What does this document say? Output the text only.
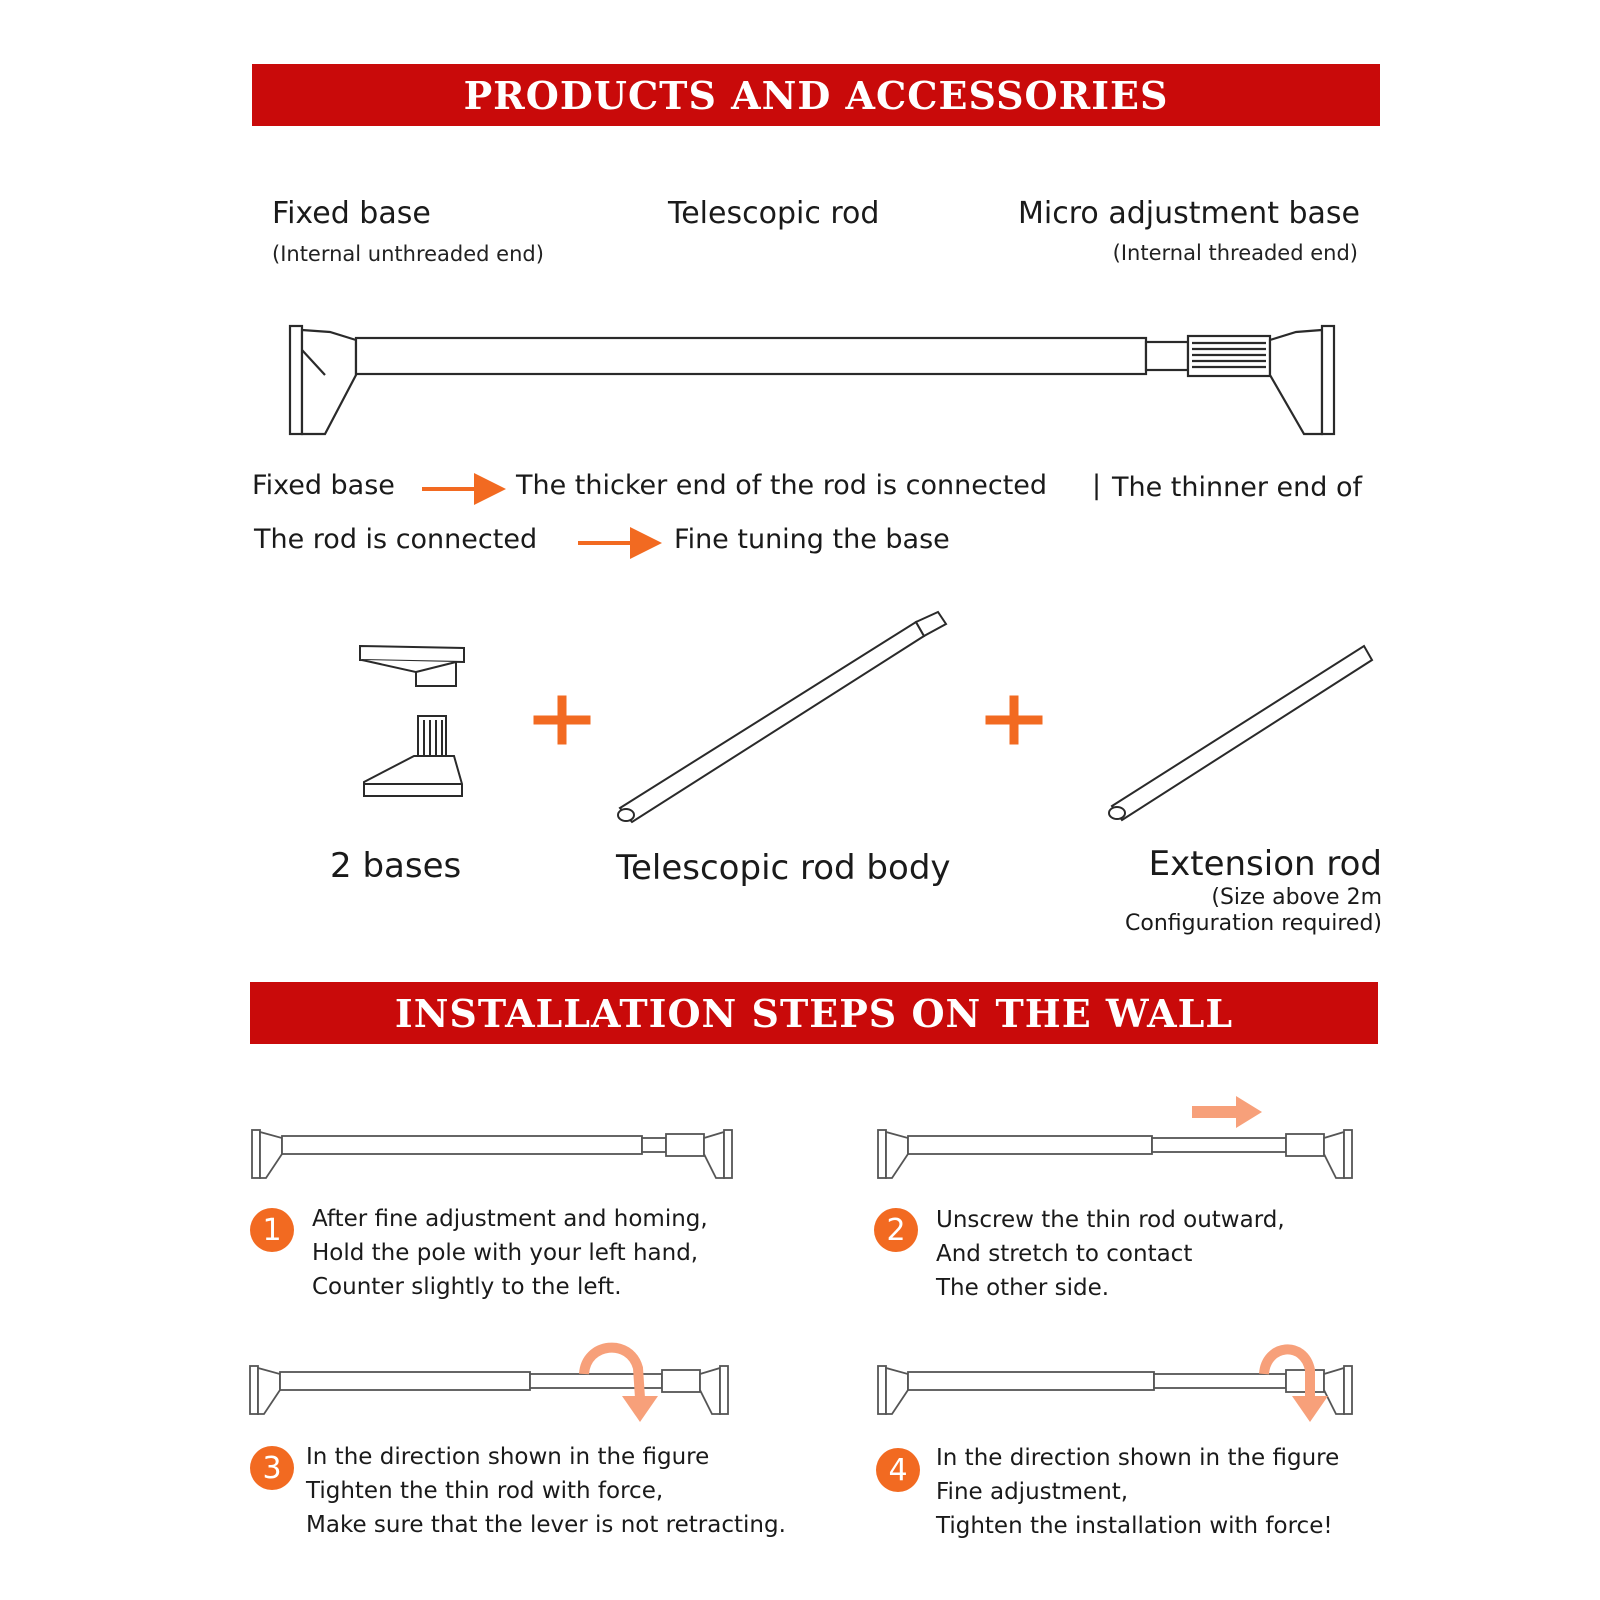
PRODUCTS AND ACCESSORIES
Fixed base
(Internal unthreaded end)
Telescopic rod	Micro adjustment base
(Internal threaded end)
Fixed base	The thicker end of the rod is connected | The thinner end of
The rod is connected	Fine tuning the base
2 bases	Telescopic rod body	Extension rod
(Size above 2m
Configuration required)
INSTALLATION STEPS ON THE WALL
1	After fine adjustment and homing,
Hold the pole with your left hand,
Counter slightly to the left.
2	Unscrew the thin rod outward,
And stretch to contact
The other side.
3	In the direction shown in the figure
Tighten the thin rod with force,
Make sure that the lever is not retracting.
4	In the direction shown in the figure
Fine adjustment,
Tighten the installation with force!
